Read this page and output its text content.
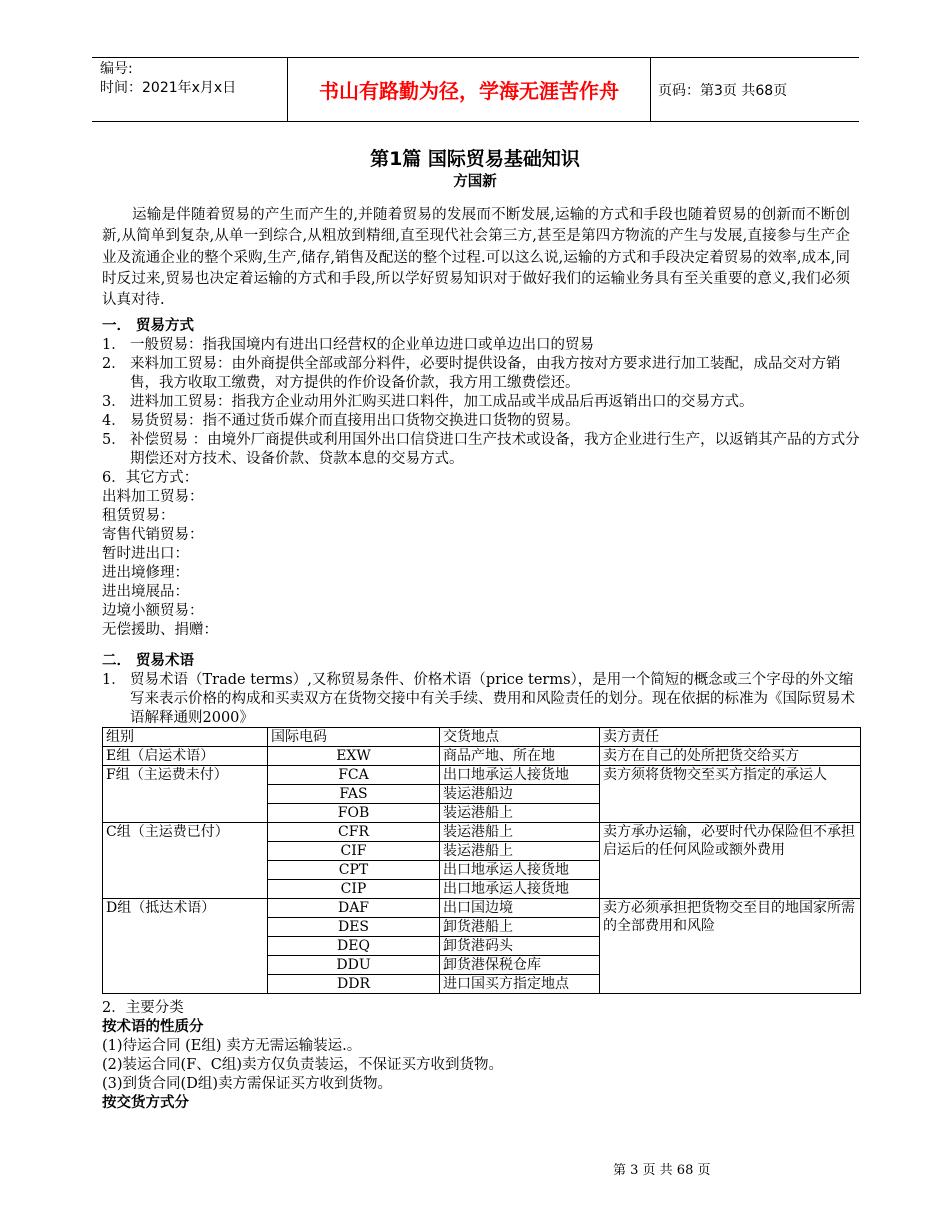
编号:
时间：2021年x月x日	书山有路勤为径，学海无涯苦作舟	页码：第3页 共68页
第1篇 国际贸易基础知识
方国新
运输是伴随着贸易的产生而产生的,并随着贸易的发展而不断发展,运输的方式和手段也随着贸易的创新而不断创新,从简单到复杂,从单一到综合,从粗放到精细,直至现代社会第三方,甚至是第四方物流的产生与发展,直接参与生产企业及流通企业的整个采购,生产,储存,销售及配送的整个过程.可以这么说,运输的方式和手段决定着贸易的效率,成本,同时反过来,贸易也决定着运输的方式和手段,所以学好贸易知识对于做好我们的运输业务具有至关重要的意义,我们必须认真对待.
一． 贸易方式
1． 一般贸易：指我国境内有进出口经营权的企业单边进口或单边出口的贸易
2． 来料加工贸易：由外商提供全部或部分料件，必要时提供设备，由我方按对方要求进行加工装配，成品交对方销售，我方收取工缴费，对方提供的作价设备价款，我方用工缴费偿还。
3． 进料加工贸易：指我方企业动用外汇购买进口料件，加工成品或半成品后再返销出口的交易方式。
4． 易货贸易：指不通过货币媒介而直接用出口货物交换进口货物的贸易。
5． 补偿贸易 ：由境外厂商提供或利用国外出口信贷进口生产技术或设备，我方企业进行生产，以返销其产品的方式分期偿还对方技术、设备价款、贷款本息的交易方式。
6．其它方式：
出料加工贸易：
租赁贸易：
寄售代销贸易：
暂时进出口：
进出境修理：
进出境展品：
边境小额贸易：
无偿援助、捐赠：
二． 贸易术语
1． 贸易术语（Trade terms）,又称贸易条件、价格术语（price terms），是用一个简短的概念或三个字母的外文缩写来表示价格的构成和买卖双方在货物交接中有关手续、费用和风险责任的划分。现在依据的标准为《国际贸易术语解释通则2000》
组别	国际电码	交货地点	卖方责任
E组（启运术语）	EXW	商品产地、所在地	卖方在自己的处所把货交给买方
F组（主运费未付）	FCA	出口地承运人接货地	卖方须将货物交至买方指定的承运人
	FAS	装运港船边	
	FOB	装运港船上	
C组（主运费已付）	CFR	装运港船上	卖方承办运输，必要时代办保险但不承担启运后的任何风险或额外费用
	CIF	装运港船上	
	CPT	出口地承运人接货地	
	CIP	出口地承运人接货地	
D组（抵达术语）	DAF	出口国边境	卖方必须承担把货物交至目的地国家所需的全部费用和风险
	DES	卸货港船上	
	DEQ	卸货港码头	
	DDU	卸货港保税仓库	
	DDR	进口国买方指定地点	
2．主要分类
按术语的性质分
(1)待运合同 (E组) 卖方无需运输装运.。
(2)装运合同(F、C组)卖方仅负责装运，不保证买方收到货物。
(3)到货合同(D组)卖方需保证买方收到货物。
按交货方式分
第 3 页 共 68 页
